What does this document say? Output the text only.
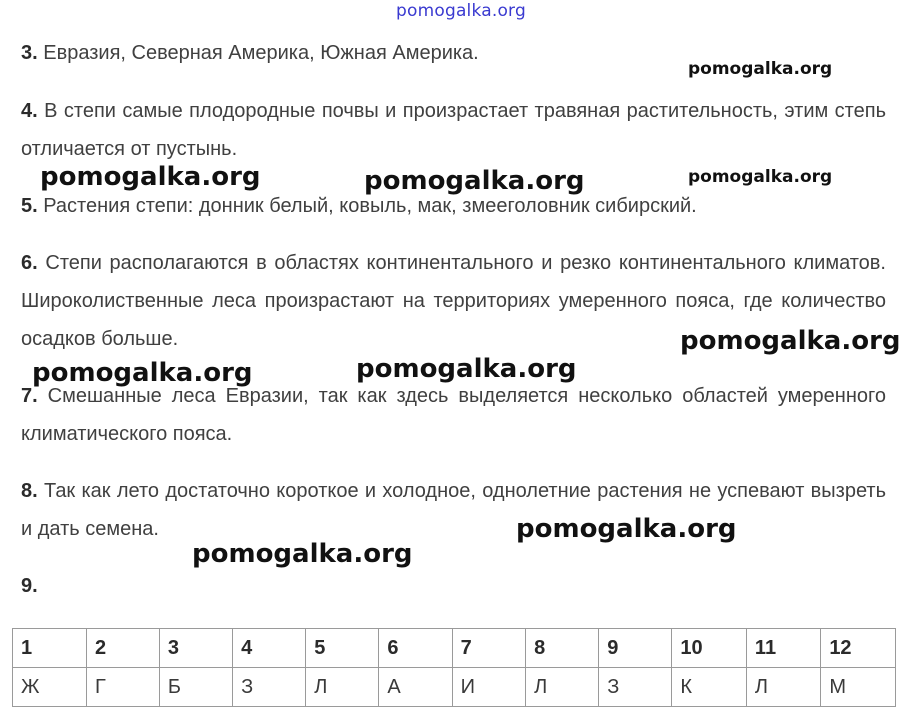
pomogalka.org
3. Евразия, Северная Америка, Южная Америка.
4. В степи самые плодородные почвы и произрастает травяная растительность, этим степь отличается от пустынь.
5. Растения степи: донник белый, ковыль, мак, змееголовник сибирский.
6. Степи располагаются в областях континентального и резко континентального климатов. Широколиственные леса произрастают на территориях умеренного пояса, где количество осадков больше.
7. Смешанные леса Евразии, так как здесь выделяется несколько областей умеренного климатического пояса.
8. Так как лето достаточно короткое и холодное, однолетние растения не успевают вызреть и дать семена.
9.
pomogalka.org
pomogalka.org
pomogalka.org	pomogalka.org
pomogalka.org
pomogalka.org	pomogalka.org
pomogalka.org
pomogalka.org
1	2	3	4	5	6	7	8	9	10	11	12
Ж	Г	Б	З	Л	А	И	Л	З	К	Л	М
